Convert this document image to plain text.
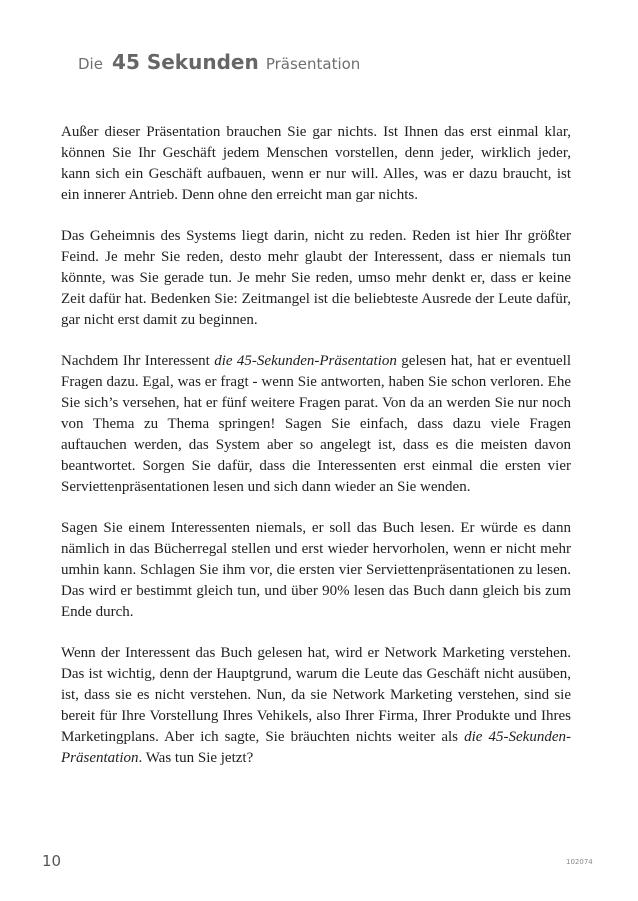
Die 45 Sekunden Präsentation

Außer dieser Präsentation brauchen Sie gar nichts. Ist Ihnen das erst einmal klar, können Sie Ihr Geschäft jedem Menschen vorstellen, denn jeder, wirklich jeder, kann sich ein Geschäft aufbauen, wenn er nur will. Alles, was er dazu braucht, ist ein innerer Antrieb. Denn ohne den erreicht man gar nichts.

Das Geheimnis des Systems liegt darin, nicht zu reden. Reden ist hier Ihr größter Feind. Je mehr Sie reden, desto mehr glaubt der Interessent, dass er niemals tun könnte, was Sie gerade tun. Je mehr Sie reden, umso mehr denkt er, dass er keine Zeit dafür hat. Bedenken Sie: Zeitmangel ist die beliebteste Ausrede der Leute dafür, gar nicht erst damit zu beginnen.

Nachdem Ihr Interessent die 45-Sekunden-Präsentation gelesen hat, hat er eventuell Fragen dazu. Egal, was er fragt - wenn Sie antworten, haben Sie schon verloren. Ehe Sie sich’s versehen, hat er fünf weitere Fragen parat. Von da an werden Sie nur noch von Thema zu Thema springen! Sagen Sie einfach, dass dazu viele Fragen auftauchen werden, das System aber so angelegt ist, dass es die meisten davon beantwortet. Sorgen Sie dafür, dass die Interessenten erst einmal die ersten vier Serviettenpräsentationen lesen und sich dann wieder an Sie wenden.

Sagen Sie einem Interessenten niemals, er soll das Buch lesen. Er würde es dann nämlich in das Bücherregal stellen und erst wieder hervorholen, wenn er nicht mehr umhin kann. Schlagen Sie ihm vor, die ersten vier Serviettenpräsentationen zu lesen. Das wird er bestimmt gleich tun, und über 90% lesen das Buch dann gleich bis zum Ende durch.

Wenn der Interessent das Buch gelesen hat, wird er Network Marketing verstehen. Das ist wichtig, denn der Hauptgrund, warum die Leute das Geschäft nicht ausüben, ist, dass sie es nicht verstehen. Nun, da sie Network Marketing verstehen, sind sie bereit für Ihre Vorstellung Ihres Vehikels, also Ihrer Firma, Ihrer Produkte und Ihres Marketingplans. Aber ich sagte, Sie bräuchten nichts weiter als die 45-Sekunden-Präsentation. Was tun Sie jetzt?

10	102074
